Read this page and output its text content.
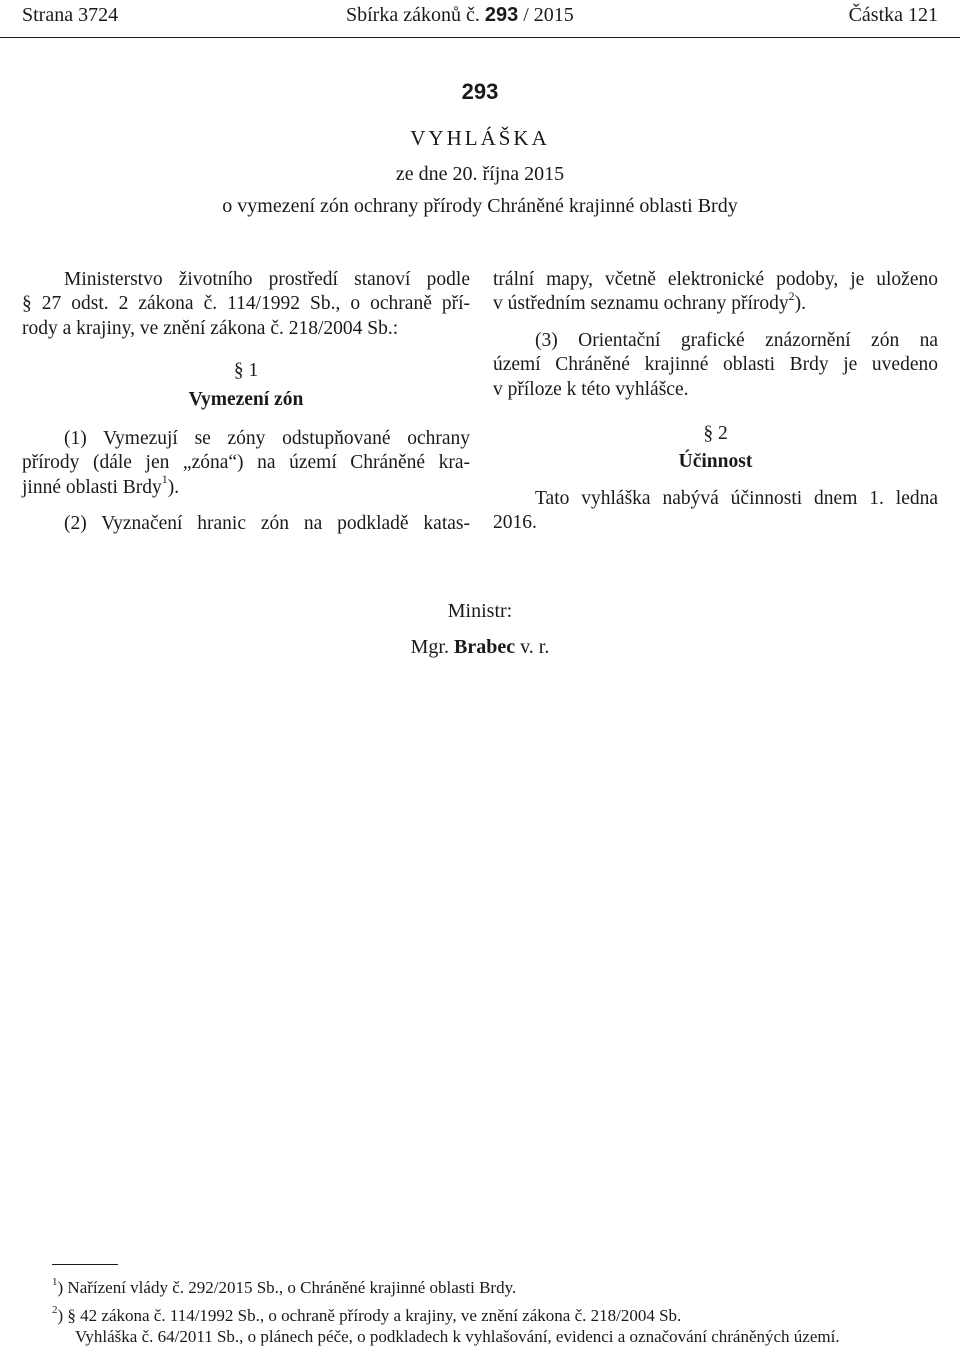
Strana 3724	Sbírka zákonů č. 293 / 2015	Částka 121
293
VYHLÁŠKA
ze dne 20. října 2015
o vymezení zón ochrany přírody Chráněné krajinné oblasti Brdy

Ministerstvo životního prostředí stanoví podle

§ 27 odst. 2 zákona č. 114/1992 Sb., o ochraně pří-

rody a krajiny, ve znění zákona č. 218/2004 Sb.:

§ 1

Vymezení zón

(1) Vymezují se zóny odstupňované ochrany

přírody (dále jen „zóna“) na území Chráněné kra-

jinné oblasti Brdy$^1$).

(2) Vyznačení hranic zón na podkladě katas-

trální mapy, včetně elektronické podoby, je uloženo

v ústředním seznamu ochrany přírody$^2$).

(3) Orientační grafické znázornění zón na

území Chráněné krajinné oblasti Brdy je uvedeno

v příloze k této vyhlášce.

§ 2

Účinnost

Tato vyhláška nabývá účinnosti dnem 1. ledna

2016.

Ministr:
Mgr. Brabec v. r.
$^1$) Nařízení vlády č. 292/2015 Sb., o Chráněné krajinné oblasti Brdy.
$^2$) § 42 zákona č. 114/1992 Sb., o ochraně přírody a krajiny, ve znění zákona č. 218/2004 Sb.
Vyhláška č. 64/2011 Sb., o plánech péče, o podkladech k vyhlašování, evidenci a označování chráněných území.
